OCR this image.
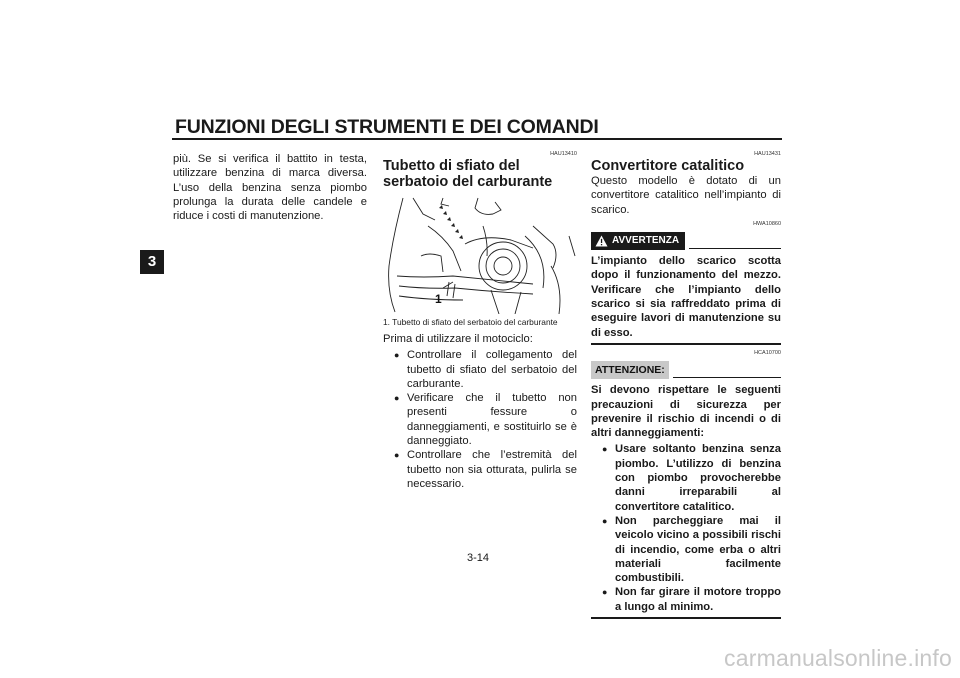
FUNZIONI DEGLI STRUMENTI E DEI COMANDI
3

più. Se si verifica il battito in testa, utilizzare benzina di marca diversa. L’uso della benzina senza piombo prolunga la durata delle candele e riduce i costi di manutenzione.

HAU13410
Tubetto di sfiato del serbatoio del carburante
1
1. Tubetto di sfiato del serbatoio del carburante

Prima di utilizzare il motociclo:

● Controllare il collegamento del tubetto di sfiato del serbatoio del carburante.
● Verificare che il tubetto non presenti fessure o danneggiamenti, e sostituirlo se è danneggiato.
● Controllare che l’estremità del tubetto non sia otturata, pulirla se necessario.
HAU13431
Convertitore catalitico

Questo modello è dotato di un convertitore catalitico nell’impianto di scarico.

HWA10860
AVVERTENZA

L’impianto dello scarico scotta dopo il funzionamento del mezzo. Verificare che l’impianto dello scarico si sia raffreddato prima di eseguire lavori di manutenzione su di esso.

HCA10700
ATTENZIONE:

Si devono rispettare le seguenti precauzioni di sicurezza per prevenire il rischio di incendi o di altri danneggiamenti:

● Usare soltanto benzina senza piombo. L’utilizzo di benzina con piombo provocherebbe danni irreparabili al convertitore catalitico.
● Non parcheggiare mai il veicolo vicino a possibili rischi di incendio, come erba o altri materiali facilmente combustibili.
● Non far girare il motore troppo a lungo al minimo.
3-14
carmanualsonline.info
